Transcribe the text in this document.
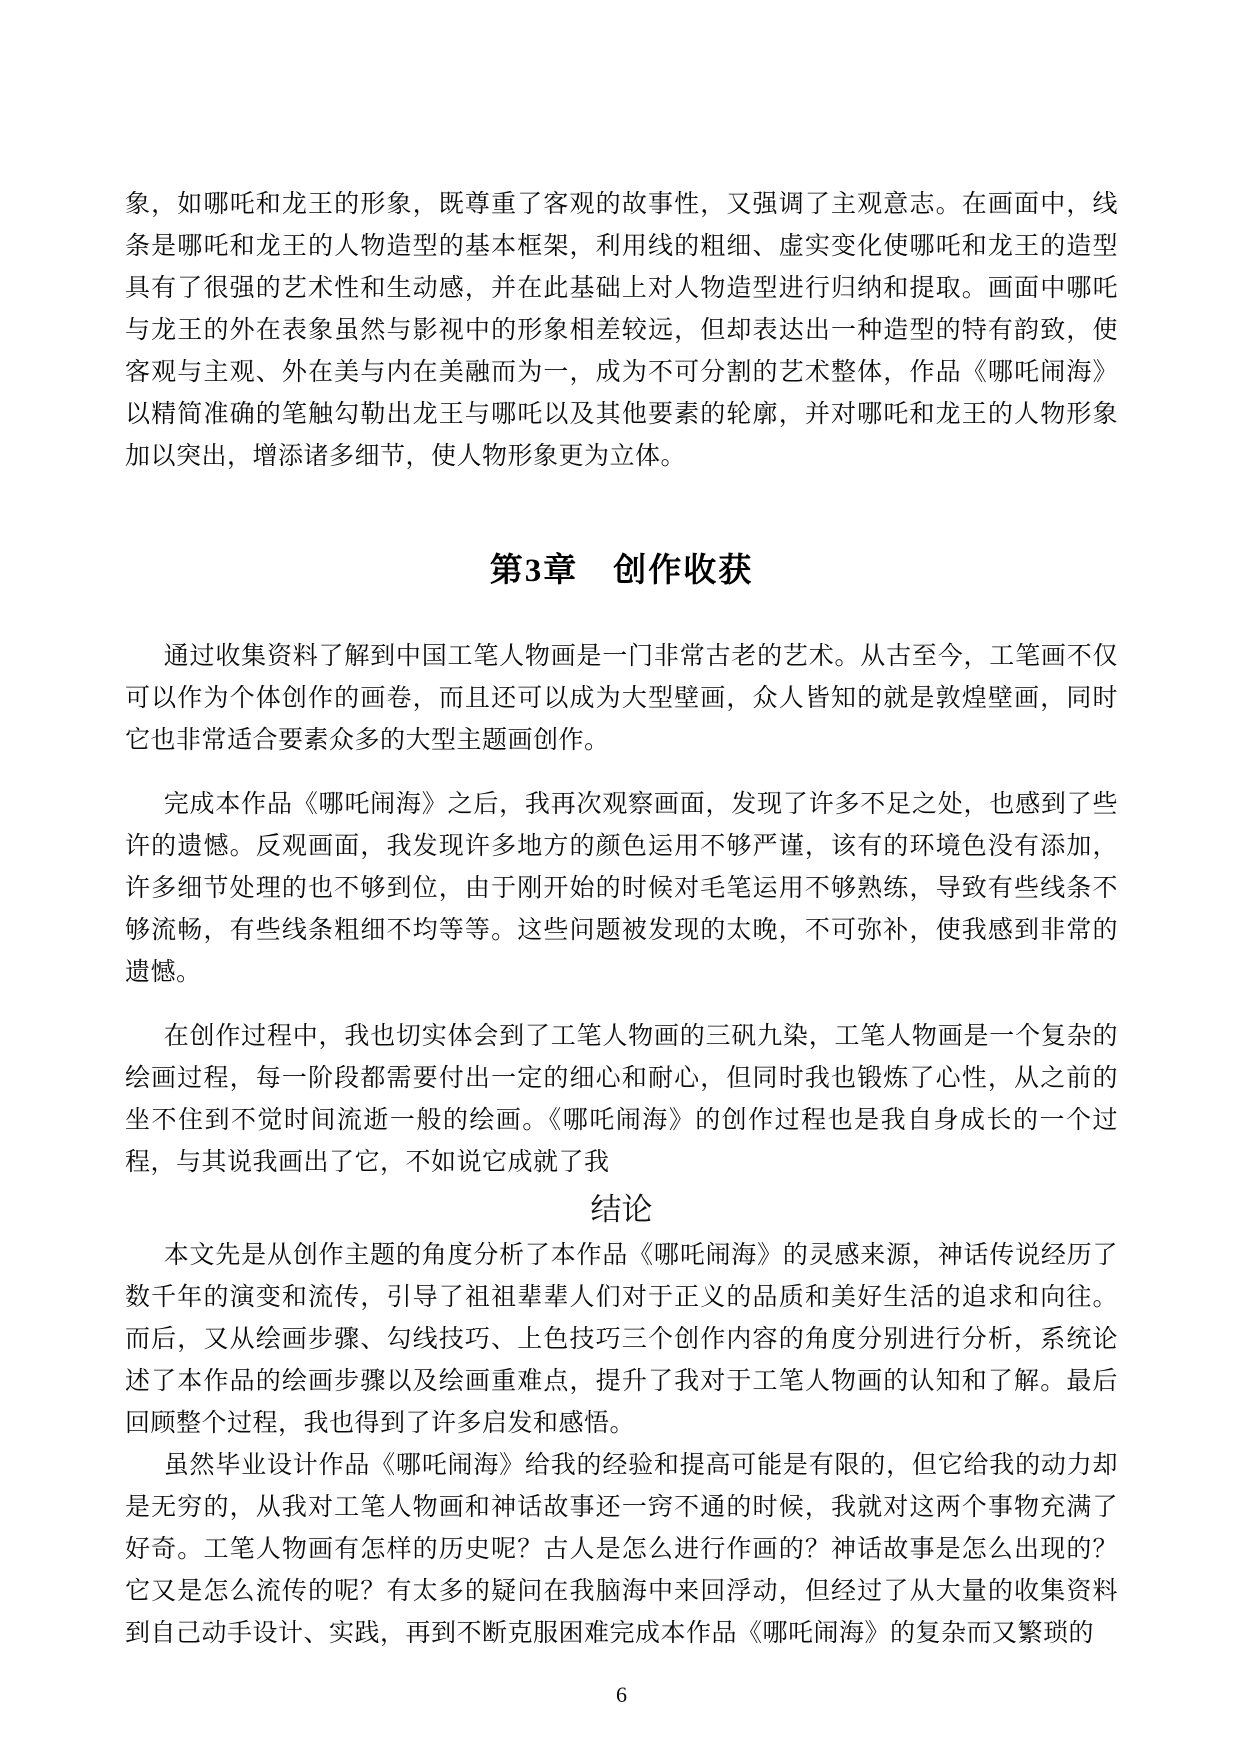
象，如哪吒和龙王的形象，既尊重了客观的故事性，又强调了主观意志。在画面中，线条是哪吒和龙王的人物造型的基本框架，利用线的粗细、虚实变化使哪吒和龙王的造型具有了很强的艺术性和生动感，并在此基础上对人物造型进行归纳和提取。画面中哪吒与龙王的外在表象虽然与影视中的形象相差较远，但却表达出一种造型的特有韵致，使客观与主观、外在美与内在美融而为一，成为不可分割的艺术整体，作品《哪吒闹海》以精简准确的笔触勾勒出龙王与哪吒以及其他要素的轮廓，并对哪吒和龙王的人物形象加以突出，增添诸多细节，使人物形象更为立体。

第3章　创作收获

通过收集资料了解到中国工笔人物画是一门非常古老的艺术。从古至今，工笔画不仅可以作为个体创作的画卷，而且还可以成为大型壁画，众人皆知的就是敦煌壁画，同时它也非常适合要素众多的大型主题画创作。

完成本作品《哪吒闹海》之后，我再次观察画面，发现了许多不足之处，也感到了些许的遗憾。反观画面，我发现许多地方的颜色运用不够严谨，该有的环境色没有添加，许多细节处理的也不够到位，由于刚开始的时候对毛笔运用不够熟练，导致有些线条不够流畅，有些线条粗细不均等等。这些问题被发现的太晚，不可弥补，使我感到非常的遗憾。

在创作过程中，我也切实体会到了工笔人物画的三矾九染，工笔人物画是一个复杂的绘画过程，每一阶段都需要付出一定的细心和耐心，但同时我也锻炼了心性，从之前的坐不住到不觉时间流逝一般的绘画。《哪吒闹海》的创作过程也是我自身成长的一个过程，与其说我画出了它，不如说它成就了我

结论

本文先是从创作主题的角度分析了本作品《哪吒闹海》的灵感来源，神话传说经历了数千年的演变和流传，引导了祖祖辈辈人们对于正义的品质和美好生活的追求和向往。而后，又从绘画步骤、勾线技巧、上色技巧三个创作内容的角度分别进行分析，系统论述了本作品的绘画步骤以及绘画重难点，提升了我对于工笔人物画的认知和了解。最后回顾整个过程，我也得到了许多启发和感悟。

虽然毕业设计作品《哪吒闹海》给我的经验和提高可能是有限的，但它给我的动力却是无穷的，从我对工笔人物画和神话故事还一窍不通的时候，我就对这两个事物充满了好奇。工笔人物画有怎样的历史呢？古人是怎么进行作画的？神话故事是怎么出现的？它又是怎么流传的呢？有太多的疑问在我脑海中来回浮动，但经过了从大量的收集资料到自己动手设计、实践，再到不断克服困难完成本作品《哪吒闹海》的复杂而又繁琐的

6
